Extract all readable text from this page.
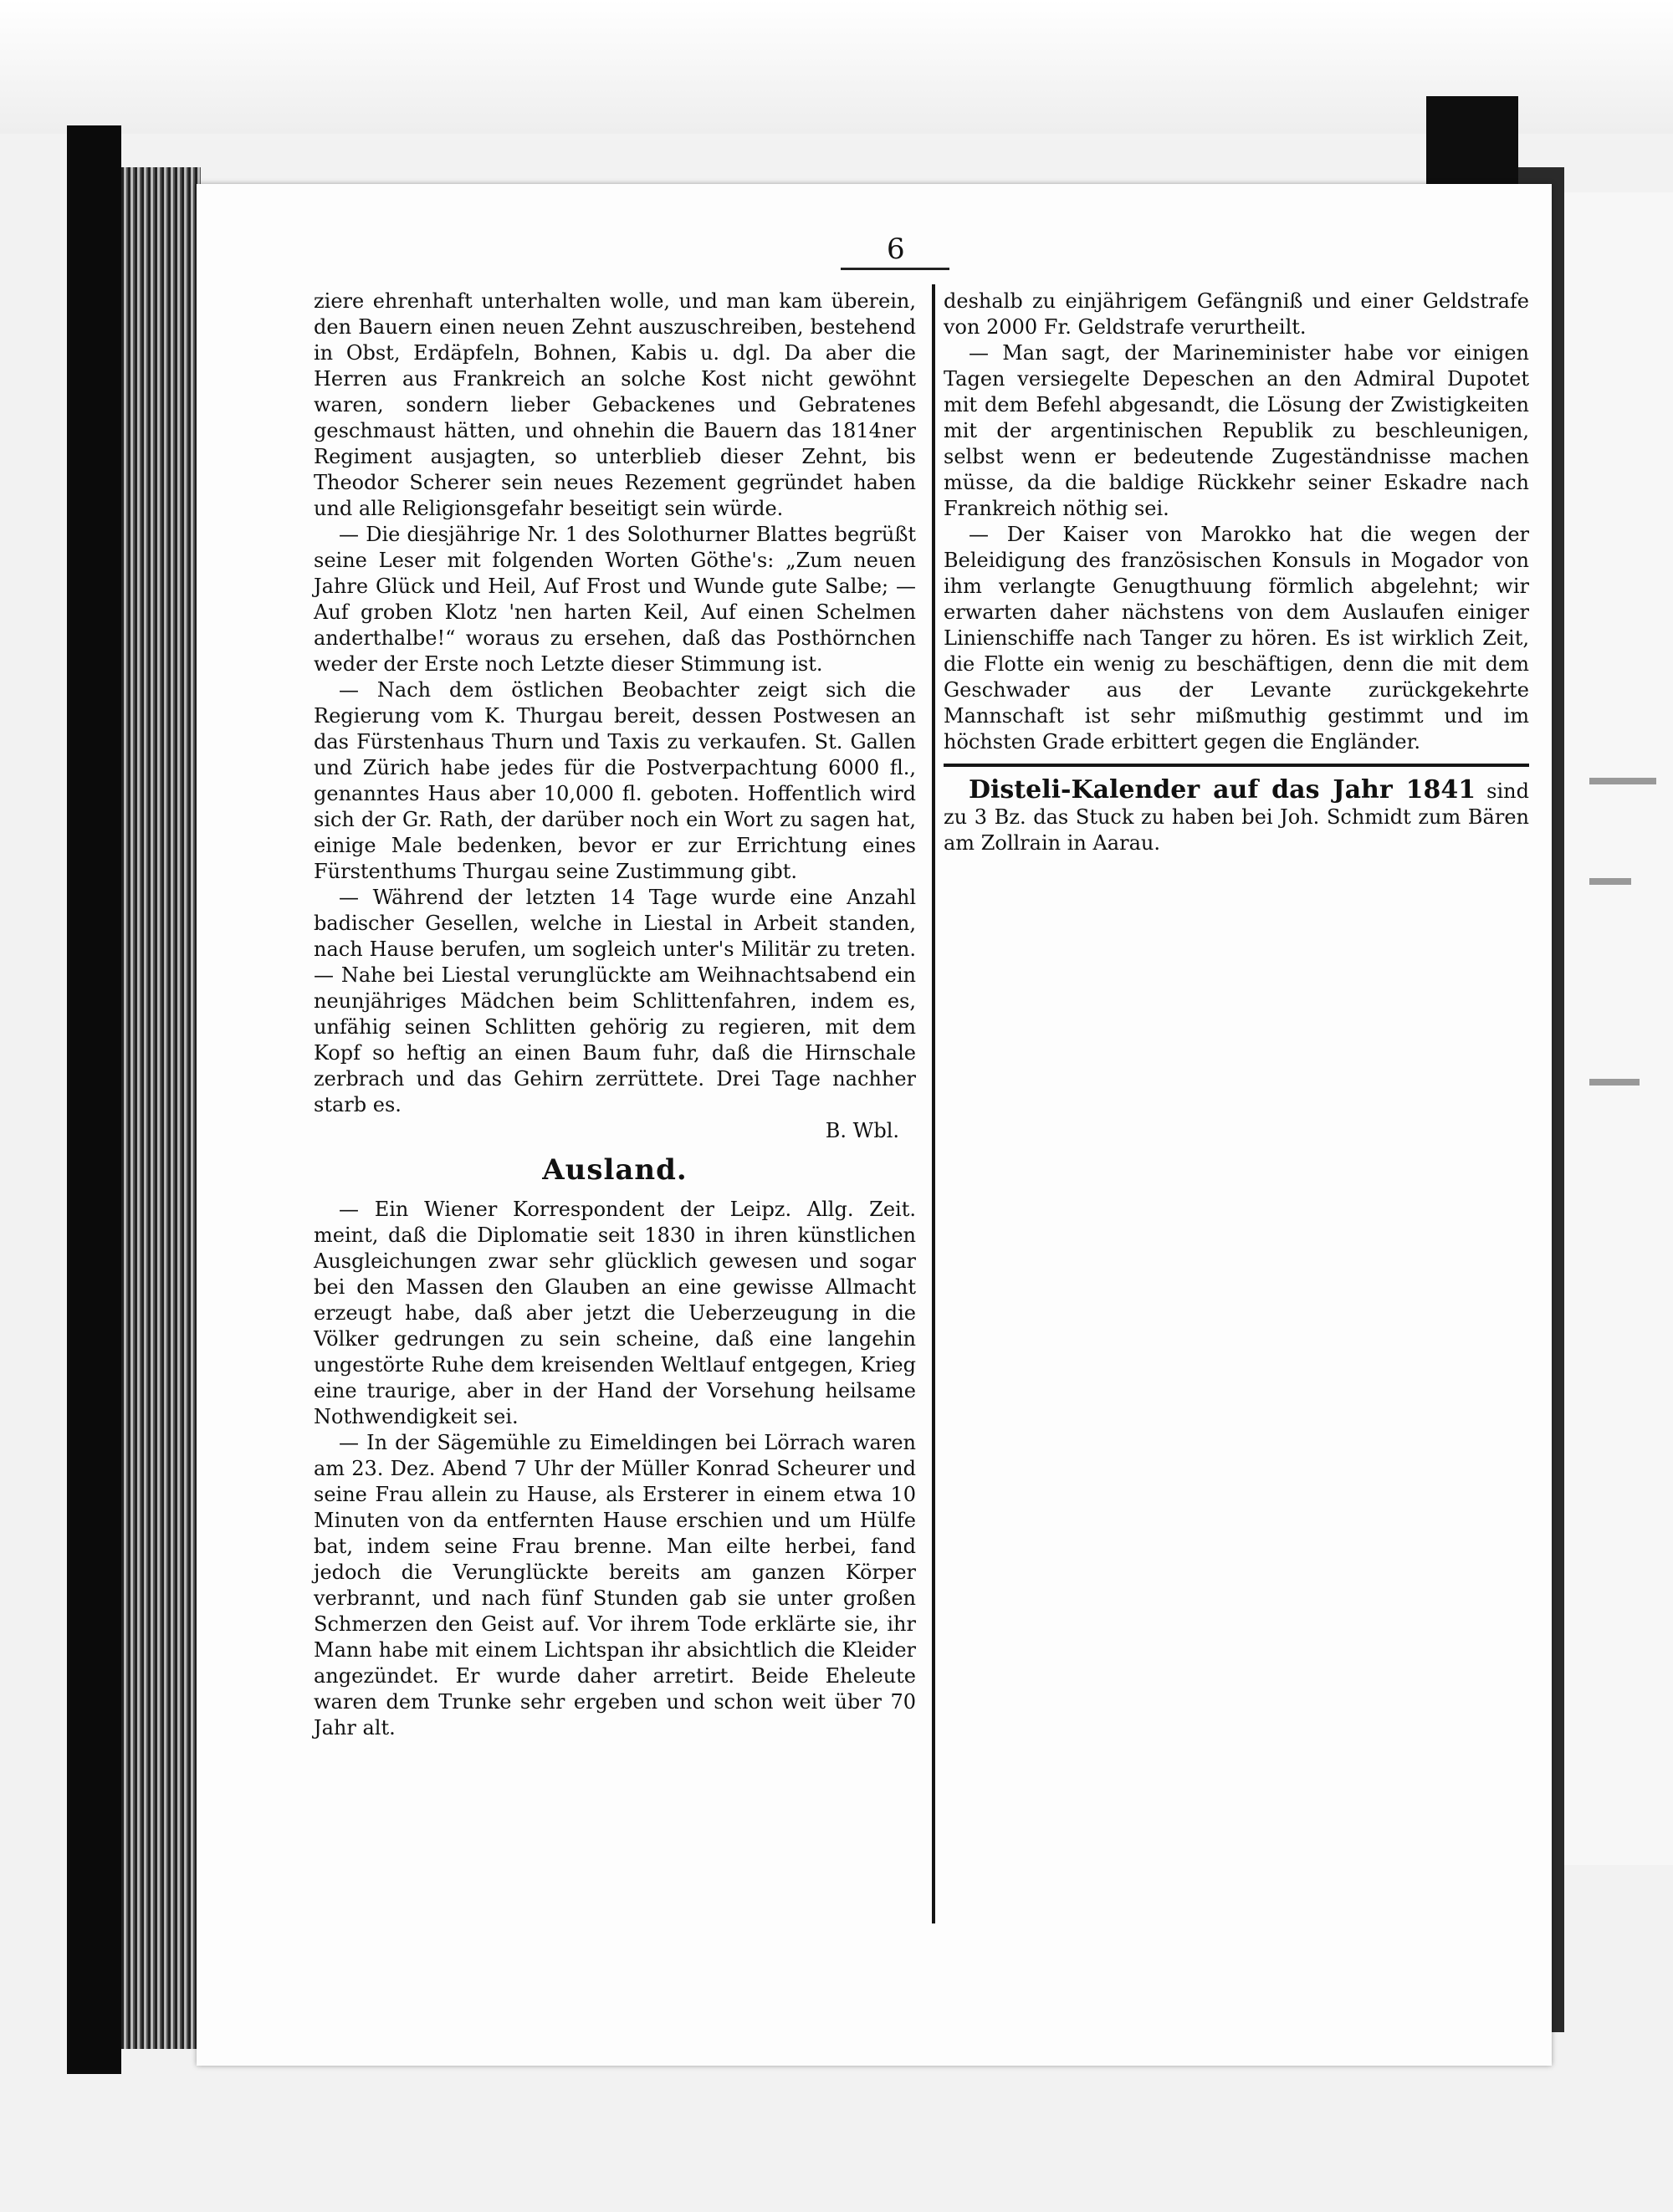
6

ziere ehrenhaft unterhalten wolle, und man kam überein, den Bauern einen neuen Zehnt auszuschreiben, bestehend in Obst, Erdäpfeln, Bohnen, Kabis u. dgl. Da aber die Herren aus Frankreich an solche Kost nicht gewöhnt waren, sondern lieber Gebackenes und Gebratenes geschmaust hätten, und ohnehin die Bauern das 1814ner Regiment ausjagten, so unterblieb dieser Zehnt, bis Theodor Scherer sein neues Rezement gegründet haben und alle Religionsgefahr beseitigt sein würde.

— Die diesjährige Nr. 1 des Solothurner Blattes begrüßt seine Leser mit folgenden Worten Göthe's: „Zum neuen Jahre Glück und Heil, Auf Frost und Wunde gute Salbe; — Auf groben Klotz 'nen harten Keil, Auf einen Schelmen anderthalbe!“ woraus zu ersehen, daß das Posthörnchen weder der Erste noch Letzte dieser Stimmung ist.

— Nach dem östlichen Beobachter zeigt sich die Regierung vom K. Thurgau bereit, dessen Postwesen an das Fürstenhaus Thurn und Taxis zu verkaufen. St. Gallen und Zürich habe jedes für die Postverpachtung 6000 fl., genanntes Haus aber 10,000 fl. geboten. Hoffentlich wird sich der Gr. Rath, der darüber noch ein Wort zu sagen hat, einige Male bedenken, bevor er zur Errichtung eines Fürstenthums Thurgau seine Zustimmung gibt.

— Während der letzten 14 Tage wurde eine Anzahl badischer Gesellen, welche in Liestal in Arbeit standen, nach Hause berufen, um sogleich unter's Militär zu treten. — Nahe bei Liestal verunglückte am Weihnachtsabend ein neunjähriges Mädchen beim Schlittenfahren, indem es, unfähig seinen Schlitten gehörig zu regieren, mit dem Kopf so heftig an einen Baum fuhr, daß die Hirnschale zerbrach und das Gehirn zerrüttete. Drei Tage nachher starb es.

B. Wbl.

Ausland.

— Ein Wiener Korrespondent der Leipz. Allg. Zeit. meint, daß die Diplomatie seit 1830 in ihren künstlichen Ausgleichungen zwar sehr glücklich gewesen und sogar bei den Massen den Glauben an eine gewisse Allmacht erzeugt habe, daß aber jetzt die Ueberzeugung in die Völker gedrungen zu sein scheine, daß eine langehin ungestörte Ruhe dem kreisenden Weltlauf entgegen, Krieg eine traurige, aber in der Hand der Vorsehung heilsame Nothwendigkeit sei.

— In der Sägemühle zu Eimeldingen bei Lörrach waren am 23. Dez. Abend 7 Uhr der Müller Konrad Scheurer und seine Frau allein zu Hause, als Ersterer in einem etwa 10 Minuten von da entfernten Hause erschien und um Hülfe bat, indem seine Frau brenne. Man eilte herbei, fand jedoch die Verunglückte bereits am ganzen Körper verbrannt, und nach fünf Stunden gab sie unter großen Schmerzen den Geist auf. Vor ihrem Tode erklärte sie, ihr Mann habe mit einem Lichtspan ihr absichtlich die Kleider angezündet. Er wurde daher arretirt. Beide Eheleute waren dem Trunke sehr ergeben und schon weit über 70 Jahr alt.

deshalb zu einjährigem Gefängniß und einer Geldstrafe von 2000 Fr. Geldstrafe verurtheilt.

— Man sagt, der Marineminister habe vor einigen Tagen versiegelte Depeschen an den Admiral Dupotet mit dem Befehl abgesandt, die Lösung der Zwistigkeiten mit der argentinischen Republik zu beschleunigen, selbst wenn er bedeutende Zugeständnisse machen müsse, da die baldige Rückkehr seiner Eskadre nach Frankreich nöthig sei.

— Der Kaiser von Marokko hat die wegen der Beleidigung des französischen Konsuls in Mogador von ihm verlangte Genugthuung förmlich abgelehnt; wir erwarten daher nächstens von dem Auslaufen einiger Linienschiffe nach Tanger zu hören. Es ist wirklich Zeit, die Flotte ein wenig zu beschäftigen, denn die mit dem Geschwader aus der Levante zurückgekehrte Mannschaft ist sehr mißmuthig gestimmt und im höchsten Grade erbittert gegen die Engländer.

Disteli-Kalender auf das Jahr 1841 sind zu 3 Bz. das Stuck zu haben bei Joh. Schmidt zum Bären am Zollrain in Aarau.
